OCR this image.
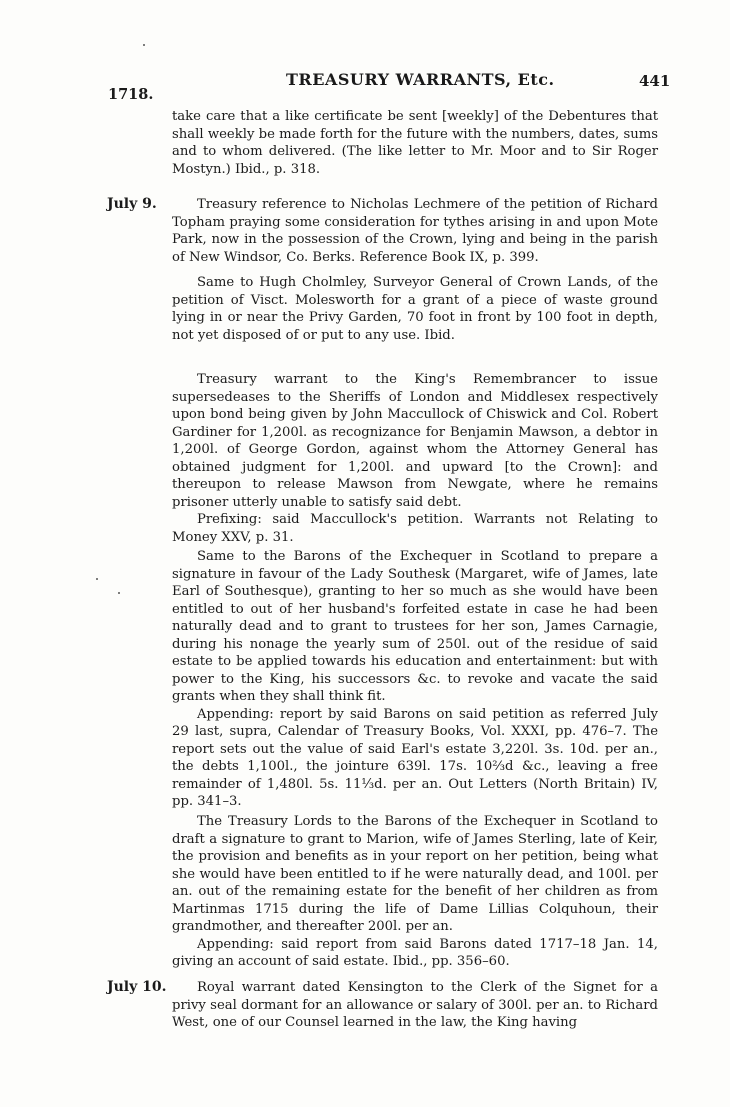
1718.
TREASURY WARRANTS, Etc.	441

take care that a like certificate be sent [weekly] of the Debentures that shall weekly be made forth for the future with the numbers, dates, sums and to whom delivered. (The like letter to Mr. Moor and to Sir Roger Mostyn.) Ibid., p. 318.

July 9.	Treasury reference to Nicholas Lechmere of the petition of Richard Topham praying some consideration for tythes arising in and upon Mote Park, now in the possession of the Crown, lying and being in the parish of New Windsor, Co. Berks. Reference Book IX, p. 399.

Same to Hugh Cholmley, Surveyor General of Crown Lands, of the petition of Visct. Molesworth for a grant of a piece of waste ground lying in or near the Privy Garden, 70 foot in front by 100 foot in depth, not yet disposed of or put to any use. Ibid.

Treasury warrant to the King's Remembrancer to issue supersedeases to the Sheriffs of London and Middlesex respectively upon bond being given by John Maccullock of Chiswick and Col. Robert Gardiner for 1,200l. as recognizance for Benjamin Mawson, a debtor in 1,200l. of George Gordon, against whom the Attorney General has obtained judgment for 1,200l. and upward [to the Crown]: and thereupon to release Mawson from Newgate, where he remains prisoner utterly unable to satisfy said debt.

Prefixing: said Maccullock's petition. Warrants not Relating to Money XXV, p. 31.

Same to the Barons of the Exchequer in Scotland to prepare a signature in favour of the Lady Southesk (Margaret, wife of James, late Earl of Southesque), granting to her so much as she would have been entitled to out of her husband's forfeited estate in case he had been naturally dead and to grant to trustees for her son, James Carnagie, during his nonage the yearly sum of 250l. out of the residue of said estate to be applied towards his education and entertainment: but with power to the King, his successors &c. to revoke and vacate the said grants when they shall think fit.

Appending: report by said Barons on said petition as referred July 29 last, supra, Calendar of Treasury Books, Vol. XXXI, pp. 476–7. The report sets out the value of said Earl's estate 3,220l. 3s. 10d. per an., the debts 1,100l., the jointure 639l. 17s. 10⅔d &c., leaving a free remainder of 1,480l. 5s. 11⅓d. per an. Out Letters (North Britain) IV, pp. 341–3.

The Treasury Lords to the Barons of the Exchequer in Scotland to draft a signature to grant to Marion, wife of James Sterling, late of Keir, the provision and benefits as in your report on her petition, being what she would have been entitled to if he were naturally dead, and 100l. per an. out of the remaining estate for the benefit of her children as from Martinmas 1715 during the life of Dame Lillias Colquhoun, their grandmother, and thereafter 200l. per an.

Appending: said report from said Barons dated 1717–18 Jan. 14, giving an account of said estate. Ibid., pp. 356–60.

July 10.	Royal warrant dated Kensington to the Clerk of the Signet for a privy seal dormant for an allowance or salary of 300l. per an. to Richard West, one of our Counsel learned in the law, the King having
